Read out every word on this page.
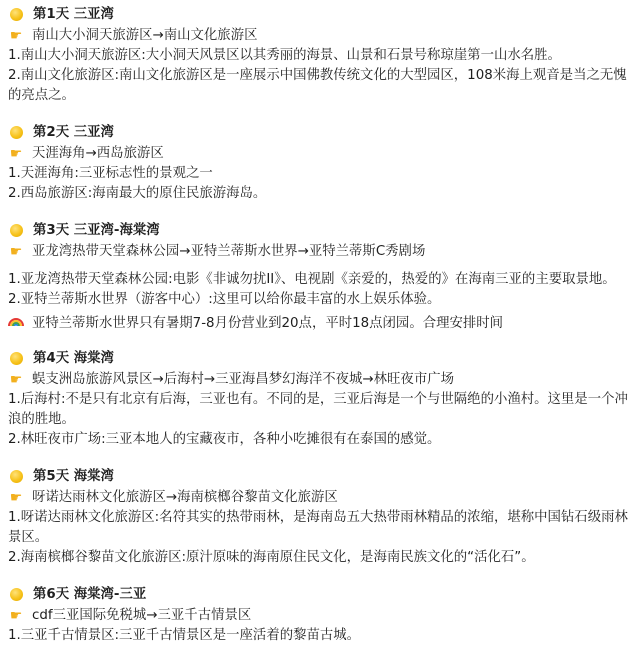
第1天 三亚湾
☛ 南山大小洞天旅游区→南山文化旅游区
1.南山大小洞天旅游区:大小洞天风景区以其秀丽的海景、山景和石景号称琼崖第一山水名胜。
2.南山文化旅游区:南山文化旅游区是一座展示中国佛教传统文化的大型园区，108米海上观音是当之无愧的亮点之。
第2天 三亚湾
☛ 天涯海角→西岛旅游区
1.天涯海角:三亚标志性的景观之一
2.西岛旅游区:海南最大的原住民旅游海岛。
第3天 三亚湾-海棠湾
☛ 亚龙湾热带天堂森林公园→亚特兰蒂斯水世界→亚特兰蒂斯C秀剧场
1.亚龙湾热带天堂森林公园:电影《非诚勿扰II》、电视剧《亲爱的，热爱的》在海南三亚的主要取景地。
2.亚特兰蒂斯水世界（游客中心）:这里可以给你最丰富的水上娱乐体验。
亚特兰蒂斯水世界只有暑期7-8月份营业到20点，平时18点闭园。合理安排时间
第4天 海棠湾
☛ 蜈支洲岛旅游风景区→后海村→三亚海昌梦幻海洋不夜城→林旺夜市广场
1.后海村:不是只有北京有后海，三亚也有。不同的是，三亚后海是一个与世隔绝的小渔村。这里是一个冲浪的胜地。
2.林旺夜市广场:三亚本地人的宝藏夜市，各种小吃摊很有在泰国的感觉。
第5天 海棠湾
☛ 呀诺达雨林文化旅游区→海南槟榔谷黎苗文化旅游区
1.呀诺达雨林文化旅游区:名符其实的热带雨林，是海南岛五大热带雨林精品的浓缩，堪称中国钻石级雨林景区。
2.海南槟榔谷黎苗文化旅游区:原汁原味的海南原住民文化，是海南民族文化的“活化石”。
第6天 海棠湾-三亚
☛ cdf三亚国际免税城→三亚千古情景区
1.三亚千古情景区:三亚千古情景区是一座活着的黎苗古城。
